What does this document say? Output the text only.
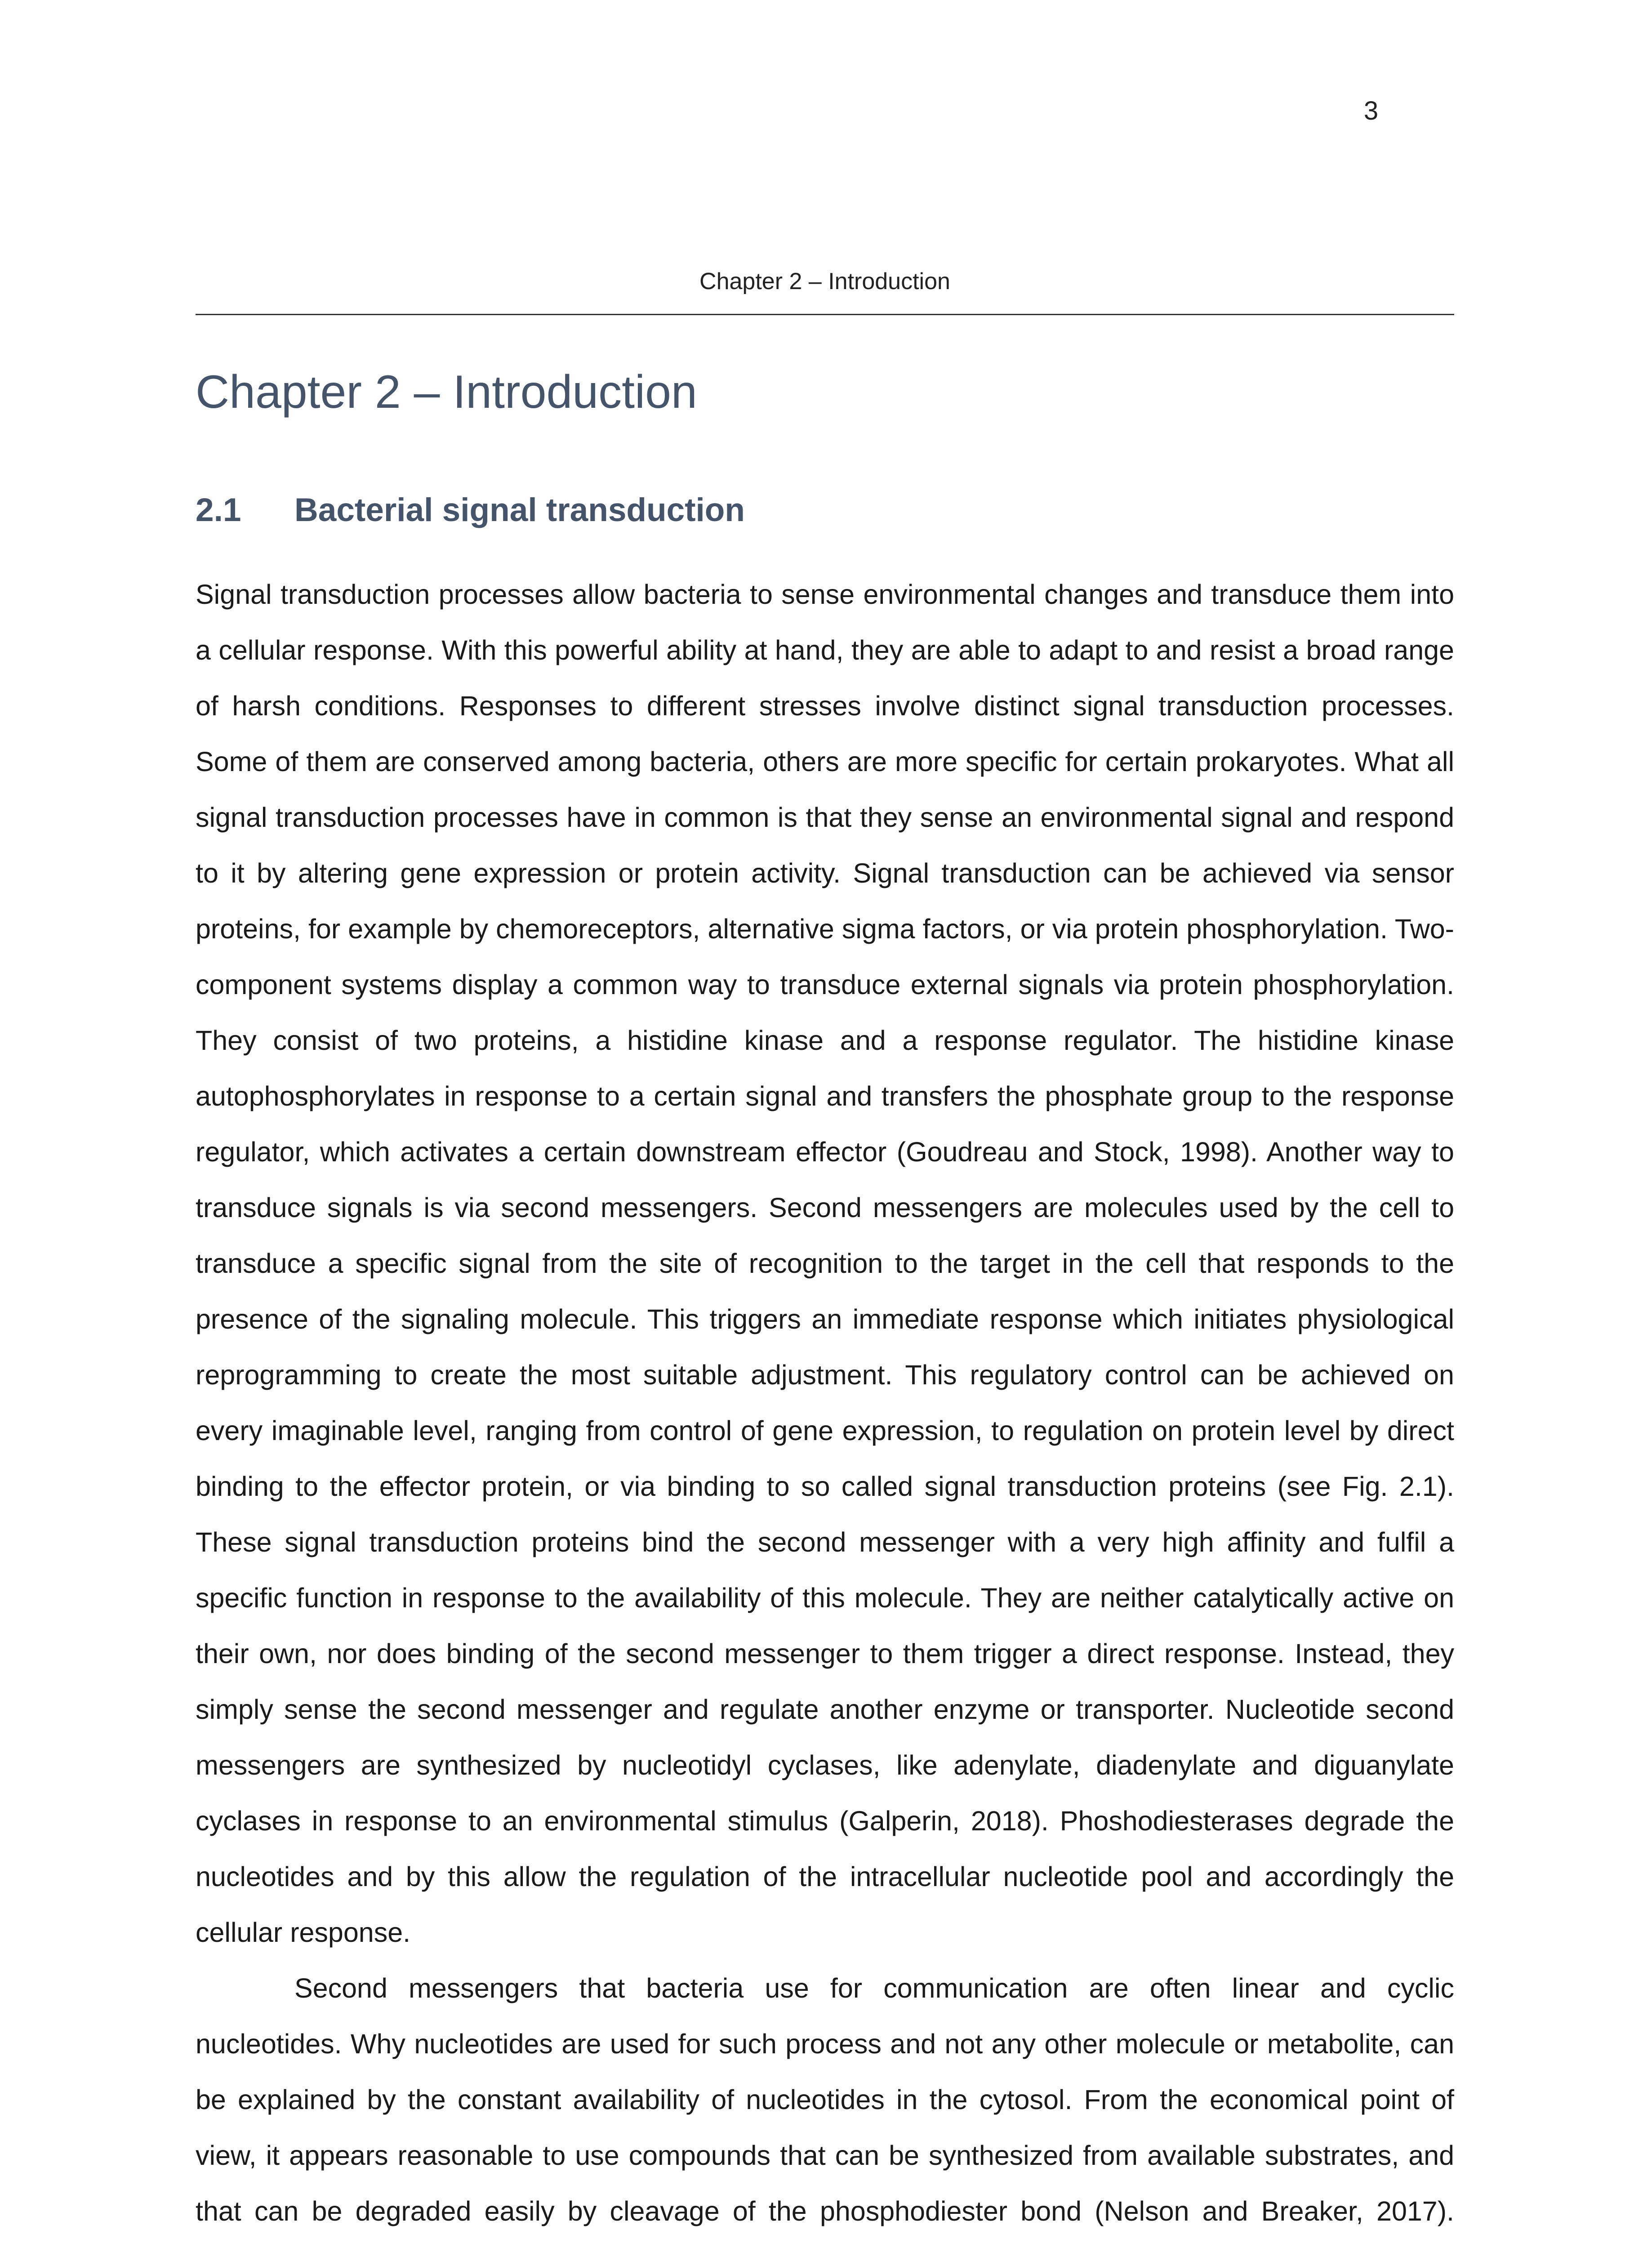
3
Chapter 2 – Introduction
Chapter 2 – Introduction
2.1 Bacterial signal transduction

Signal transduction processes allow bacteria to sense environmental changes and transduce them into a cellular response. With this powerful ability at hand, they are able to adapt to and resist a broad range of harsh conditions. Responses to different stresses involve distinct signal transduction processes. Some of them are conserved among bacteria, others are more specific for certain prokaryotes. What all signal transduction processes have in common is that they sense an environmental signal and respond to it by altering gene expression or protein activity. Signal transduction can be achieved via sensor proteins, for example by chemoreceptors, alternative sigma factors, or via protein phosphorylation. Two-component systems display a common way to transduce external signals via protein phosphorylation. They consist of two proteins, a histidine kinase and a response regulator. The histidine kinase autophosphorylates in response to a certain signal and transfers the phosphate group to the response regulator, which activates a certain downstream effector (Goudreau and Stock, 1998). Another way to transduce signals is via second messengers. Second messengers are molecules used by the cell to transduce a specific signal from the site of recognition to the target in the cell that responds to the presence of the signaling molecule. This triggers an immediate response which initiates physiological reprogramming to create the most suitable adjustment. This regulatory control can be achieved on every imaginable level, ranging from control of gene expression, to regulation on protein level by direct binding to the effector protein, or via binding to so called signal transduction proteins (see Fig. 2.1). These signal transduction proteins bind the second messenger with a very high affinity and fulfil a specific function in response to the availability of this molecule. They are neither catalytically active on their own, nor does binding of the second messenger to them trigger a direct response. Instead, they simply sense the second messenger and regulate another enzyme or transporter. Nucleotide second messengers are synthesized by nucleotidyl cyclases, like adenylate, diadenylate and diguanylate cyclases in response to an environmental stimulus (Galperin, 2018). Phoshodiesterases degrade the nucleotides and by this allow the regulation of the intracellular nucleotide pool and accordingly the cellular response.

Second messengers that bacteria use for communication are often linear and cyclic nucleotides. Why nucleotides are used for such process and not any other molecule or metabolite, can be explained by the constant availability of nucleotides in the cytosol. From the economical point of view, it appears reasonable to use compounds that can be synthesized from available substrates, and that can be degraded easily by cleavage of the phosphodiester bond (Nelson and Breaker, 2017).
